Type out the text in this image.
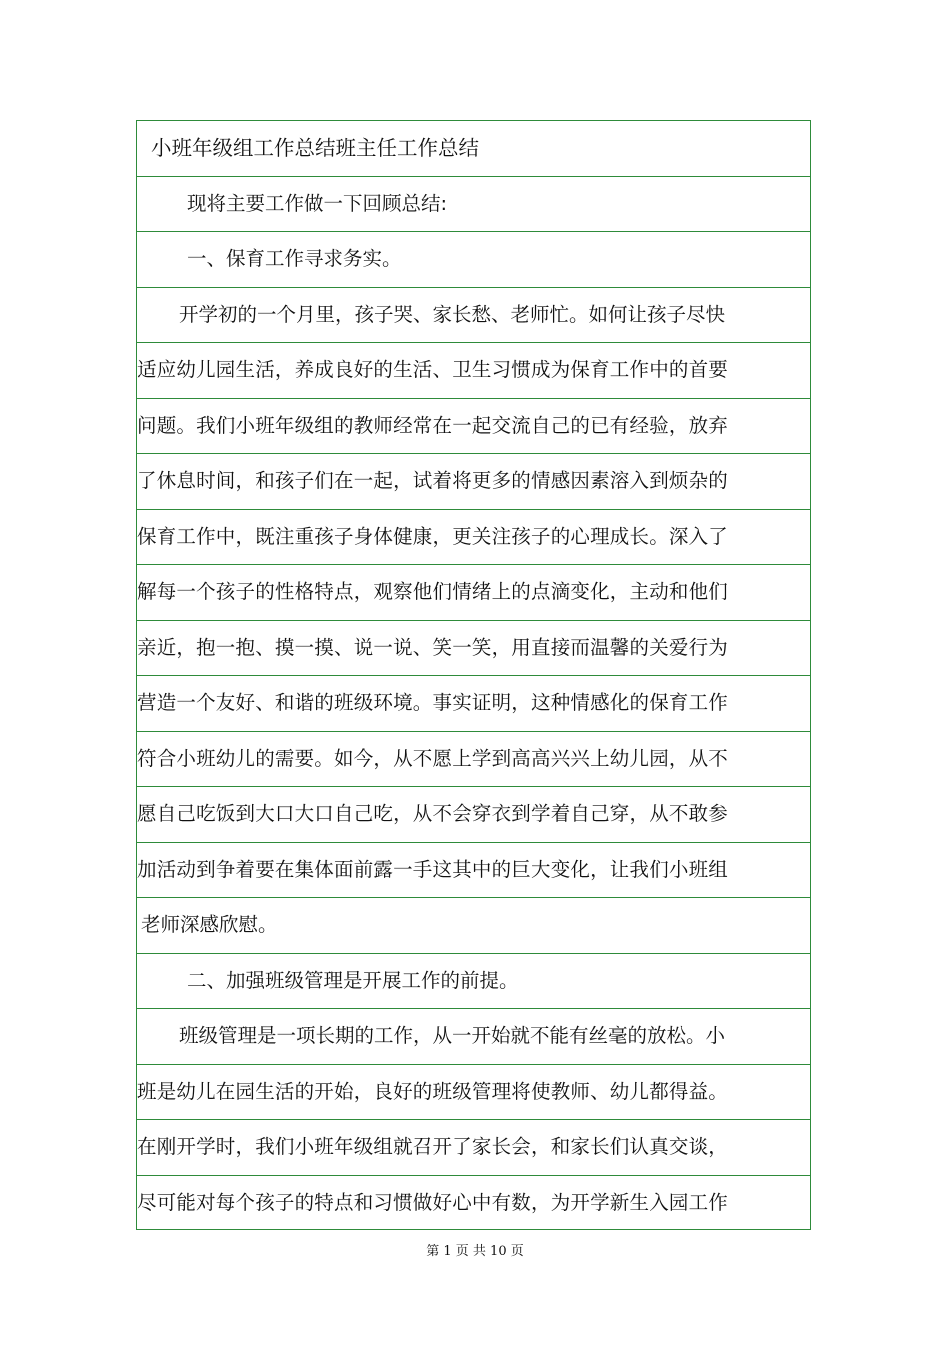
小班年级组工作总结班主任工作总结
现将主要工作做一下回顾总结:
一、保育工作寻求务实。
开学初的一个月里，孩子哭、家长愁、老师忙。如何让孩子尽快
适应幼儿园生活，养成良好的生活、卫生习惯成为保育工作中的首要
问题。我们小班年级组的教师经常在一起交流自己的已有经验，放弃
了休息时间，和孩子们在一起，试着将更多的情感因素溶入到烦杂的
保育工作中，既注重孩子身体健康，更关注孩子的心理成长。深入了
解每一个孩子的性格特点，观察他们情绪上的点滴变化，主动和他们
亲近，抱一抱、摸一摸、说一说、笑一笑，用直接而温馨的关爱行为
营造一个友好、和谐的班级环境。事实证明，这种情感化的保育工作
符合小班幼儿的需要。如今，从不愿上学到高高兴兴上幼儿园，从不
愿自己吃饭到大口大口自己吃，从不会穿衣到学着自己穿，从不敢参
加活动到争着要在集体面前露一手这其中的巨大变化，让我们小班组
老师深感欣慰。
二、加强班级管理是开展工作的前提。
班级管理是一项长期的工作，从一开始就不能有丝毫的放松。小
班是幼儿在园生活的开始，良好的班级管理将使教师、幼儿都得益。
在刚开学时，我们小班年级组就召开了家长会，和家长们认真交谈，
尽可能对每个孩子的特点和习惯做好心中有数，为开学新生入园工作
第 1 页 共 10 页
